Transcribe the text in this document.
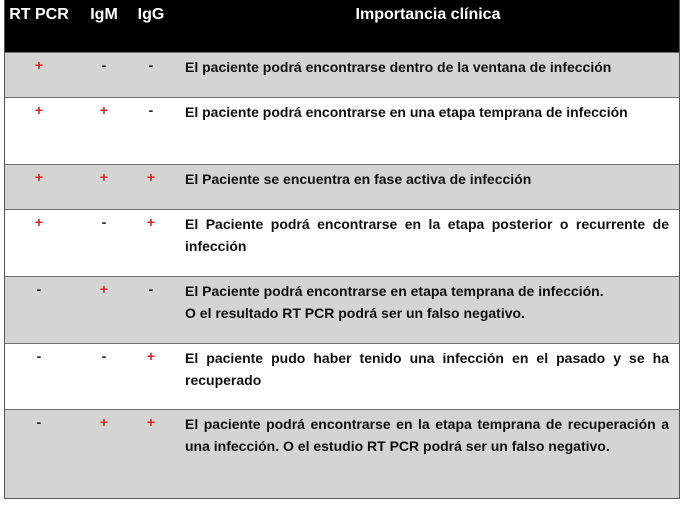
RT PCR	IgM	IgG	Importancia clínica
+	-	-	El paciente podrá encontrarse dentro de la ventana de infección
+	+	-	El paciente podrá encontrarse en una etapa temprana de infección
+	+	+	El Paciente se encuentra en fase activa de infección
+	-	+	El Paciente podrá encontrarse en la etapa posterior o recurrente de infección
-	+	-	El Paciente podrá encontrarse en etapa temprana de infección.
O el resultado RT PCR podrá ser un falso negativo.
-	-	+	El paciente pudo haber tenido una infección en el pasado y se ha recuperado
-	+	+	El paciente podrá encontrarse en la etapa temprana de recuperación a una infección. O el estudio RT PCR podrá ser un falso negativo.
